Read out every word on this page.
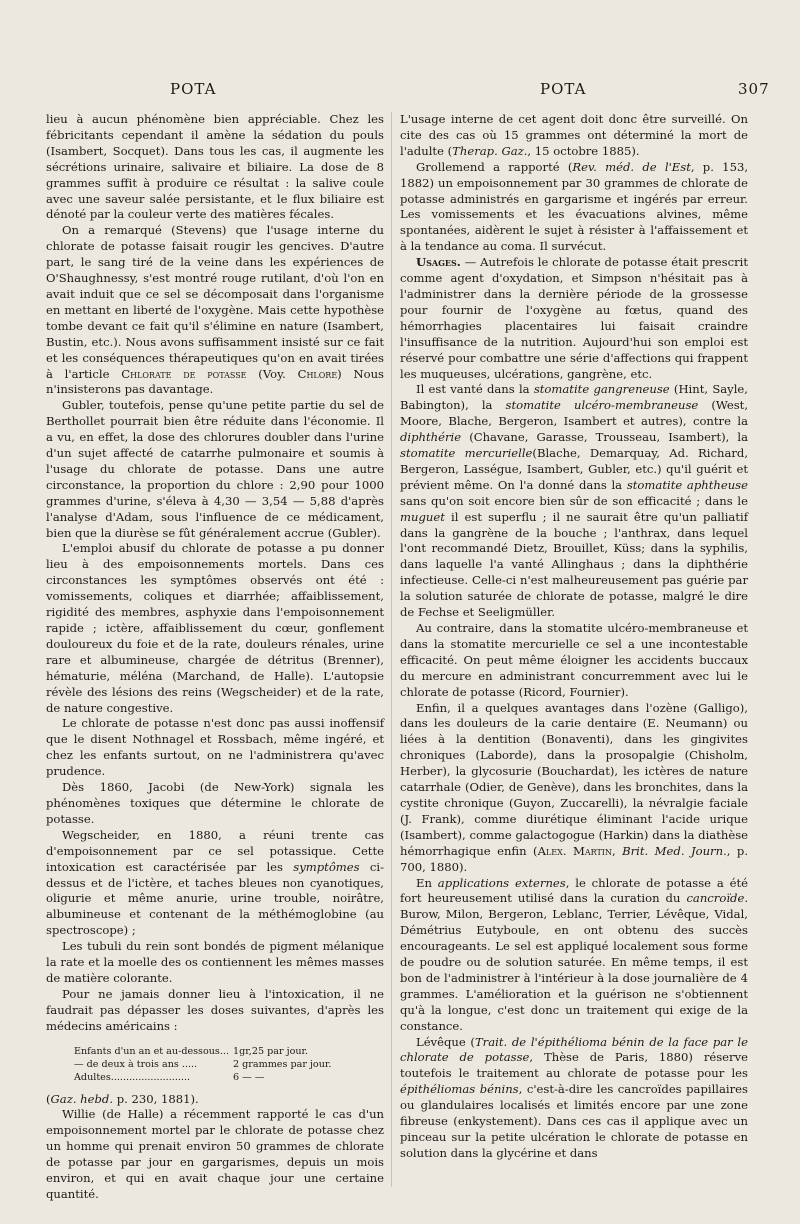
POTA	POTA	307

lieu à aucun phénomène bien appréciable. Chez les fébricitants cependant il amène la sédation du pouls (Isambert, Socquet). Dans tous les cas, il augmente les sécrétions urinaire, salivaire et biliaire. La dose de 8 grammes suffit à produire ce résultat : la salive coule avec une saveur salée persistante, et le flux biliaire est dénoté par la couleur verte des matières fécales.

On a remarqué (Stevens) que l'usage interne du chlorate de potasse faisait rougir les gencives. D'autre part, le sang tiré de la veine dans les expériences de O'Shaughnessy, s'est montré rouge rutilant, d'où l'on en avait induit que ce sel se décomposait dans l'organisme en mettant en liberté de l'oxygène. Mais cette hypothèse tombe devant ce fait qu'il s'élimine en nature (Isambert, Bustin, etc.). Nous avons suffisamment insisté sur ce fait et les conséquences thérapeutiques qu'on en avait tirées à l'article Chlorate de potasse (Voy. Chlore) Nous n'insisterons pas davantage.

Gubler, toutefois, pense qu'une petite partie du sel de Berthollet pourrait bien être réduite dans l'économie. Il a vu, en effet, la dose des chlorures doubler dans l'urine d'un sujet affecté de catarrhe pulmonaire et soumis à l'usage du chlorate de potasse. Dans une autre circonstance, la proportion du chlore : 2,90 pour 1000 grammes d'urine, s'éleva à 4,30 — 3,54 — 5,88 d'après l'analyse d'Adam, sous l'influence de ce médicament, bien que la diurèse se fût généralement accrue (Gubler).

L'emploi abusif du chlorate de potasse a pu donner lieu à des empoisonnements mortels. Dans ces circonstances les symptômes observés ont été : vomissements, coliques et diarrhée; affaiblissement, rigidité des membres, asphyxie dans l'empoisonnement rapide ; ictère, affaiblissement du cœur, gonflement douloureux du foie et de la rate, douleurs rénales, urine rare et albumineuse, chargée de détritus (Brenner), hématurie, méléna (Marchand, de Halle). L'autopsie révèle des lésions des reins (Wegscheider) et de la rate, de nature congestive.

Le chlorate de potasse n'est donc pas aussi inoffensif que le disent Nothnagel et Rossbach, même ingéré, et chez les enfants surtout, on ne l'administrera qu'avec prudence.

Dès 1860, Jacobi (de New-York) signala les phénomènes toxiques que détermine le chlorate de potasse.

Wegscheider, en 1880, a réuni trente cas d'empoisonnement par ce sel potassique. Cette intoxication est caractérisée par les symptômes ci-dessus et de l'ictère, et taches bleues non cyanotiques, oligurie et même anurie, urine trouble, noirâtre, albumineuse et contenant de la méthémoglobine (au spectroscope) ;

Les tubuli du rein sont bondés de pigment mélanique la rate et la moelle des os contiennent les mêmes masses de matière colorante.

Pour ne jamais donner lieu à l'intoxication, il ne faudrait pas dépasser les doses suivantes, d'après les médecins américains :

Enfants d'un an et au-dessous...	1gr,25 par jour.
— de deux à trois ans .....	2 grammes par jour.
Adultes..........................	6 — —

(Gaz. hebd. p. 230, 1881).

Willie (de Halle) a récemment rapporté le cas d'un empoisonnement mortel par le chlorate de potasse chez un homme qui prenait environ 50 grammes de chlorate de potasse par jour en gargarismes, depuis un mois environ, et qui en avait chaque jour une certaine quantité.

L'usage interne de cet agent doit donc être surveillé. On cite des cas où 15 grammes ont déterminé la mort de l'adulte (Therap. Gaz., 15 octobre 1885).

Grollemend a rapporté (Rev. méd. de l'Est, p. 153, 1882) un empoisonnement par 30 grammes de chlorate de potasse administrés en gargarisme et ingérés par erreur. Les vomissements et les évacuations alvines, même spontanées, aidèrent le sujet à résister à l'affaissement et à la tendance au coma. Il survécut.

Usages. — Autrefois le chlorate de potasse était prescrit comme agent d'oxydation, et Simpson n'hésitait pas à l'administrer dans la dernière période de la grossesse pour fournir de l'oxygène au fœtus, quand des hémorrhagies placentaires lui faisait craindre l'insuffisance de la nutrition. Aujourd'hui son emploi est réservé pour combattre une série d'affections qui frappent les muqueuses, ulcérations, gangrène, etc.

Il est vanté dans la stomatite gangreneuse (Hint, Sayle, Babington), la stomatite ulcéro-membraneuse (West, Moore, Blache, Bergeron, Isambert et autres), contre la diphthérie (Chavane, Garasse, Trousseau, Isambert), la stomatite mercurielle(Blache, Demarquay, Ad. Richard, Bergeron, Lasségue, Isambert, Gubler, etc.) qu'il guérit et prévient même. On l'a donné dans la stomatite aphtheuse sans qu'on soit encore bien sûr de son efficacité ; dans le muguet il est superflu ; il ne saurait être qu'un palliatif dans la gangrène de la bouche ; l'anthrax, dans lequel l'ont recommandé Dietz, Brouillet, Küss; dans la syphilis, dans laquelle l'a vanté Allinghaus ; dans la diphthérie infectieuse. Celle-ci n'est malheureusement pas guérie par la solution saturée de chlorate de potasse, malgré le dire de Fechse et Seeligmüller.

Au contraire, dans la stomatite ulcéro-membraneuse et dans la stomatite mercurielle ce sel a une incontestable efficacité. On peut même éloigner les accidents buccaux du mercure en administrant concurremment avec lui le chlorate de potasse (Ricord, Fournier).

Enfin, il a quelques avantages dans l'ozène (Galligo), dans les douleurs de la carie dentaire (E. Neumann) ou liées à la dentition (Bonaventi), dans les gingivites chroniques (Laborde), dans la prosopalgie (Chisholm, Herber), la glycosurie (Bouchardat), les ictères de nature catarrhale (Odier, de Genève), dans les bronchites, dans la cystite chronique (Guyon, Zuccarelli), la névralgie faciale (J. Frank), comme diurétique éliminant l'acide urique (Isambert), comme galactogogue (Harkin) dans la diathèse hémorrhagique enfin (Alex. Martin, Brit. Med. Journ., p. 700, 1880).

En applications externes, le chlorate de potasse a été fort heureusement utilisé dans la curation du cancroïde. Burow, Milon, Bergeron, Leblanc, Terrier, Lévêque, Vidal, Démétrius Eutyboule, en ont obtenu des succès encourageants. Le sel est appliqué localement sous forme de poudre ou de solution saturée. En même temps, il est bon de l'administrer à l'intérieur à la dose journalière de 4 grammes. L'amélioration et la guérison ne s'obtiennent qu'à la longue, c'est donc un traitement qui exige de la constance.

Lévêque (Trait. de l'épithélioma bénin de la face par le chlorate de potasse, Thèse de Paris, 1880) réserve toutefois le traitement au chlorate de potasse pour les épithéliomas bénins, c'est-à-dire les cancroïdes papillaires ou glandulaires localisés et limités encore par une zone fibreuse (enkystement). Dans ces cas il applique avec un pinceau sur la petite ulcération le chlorate de potasse en solution dans la glycérine et dans
